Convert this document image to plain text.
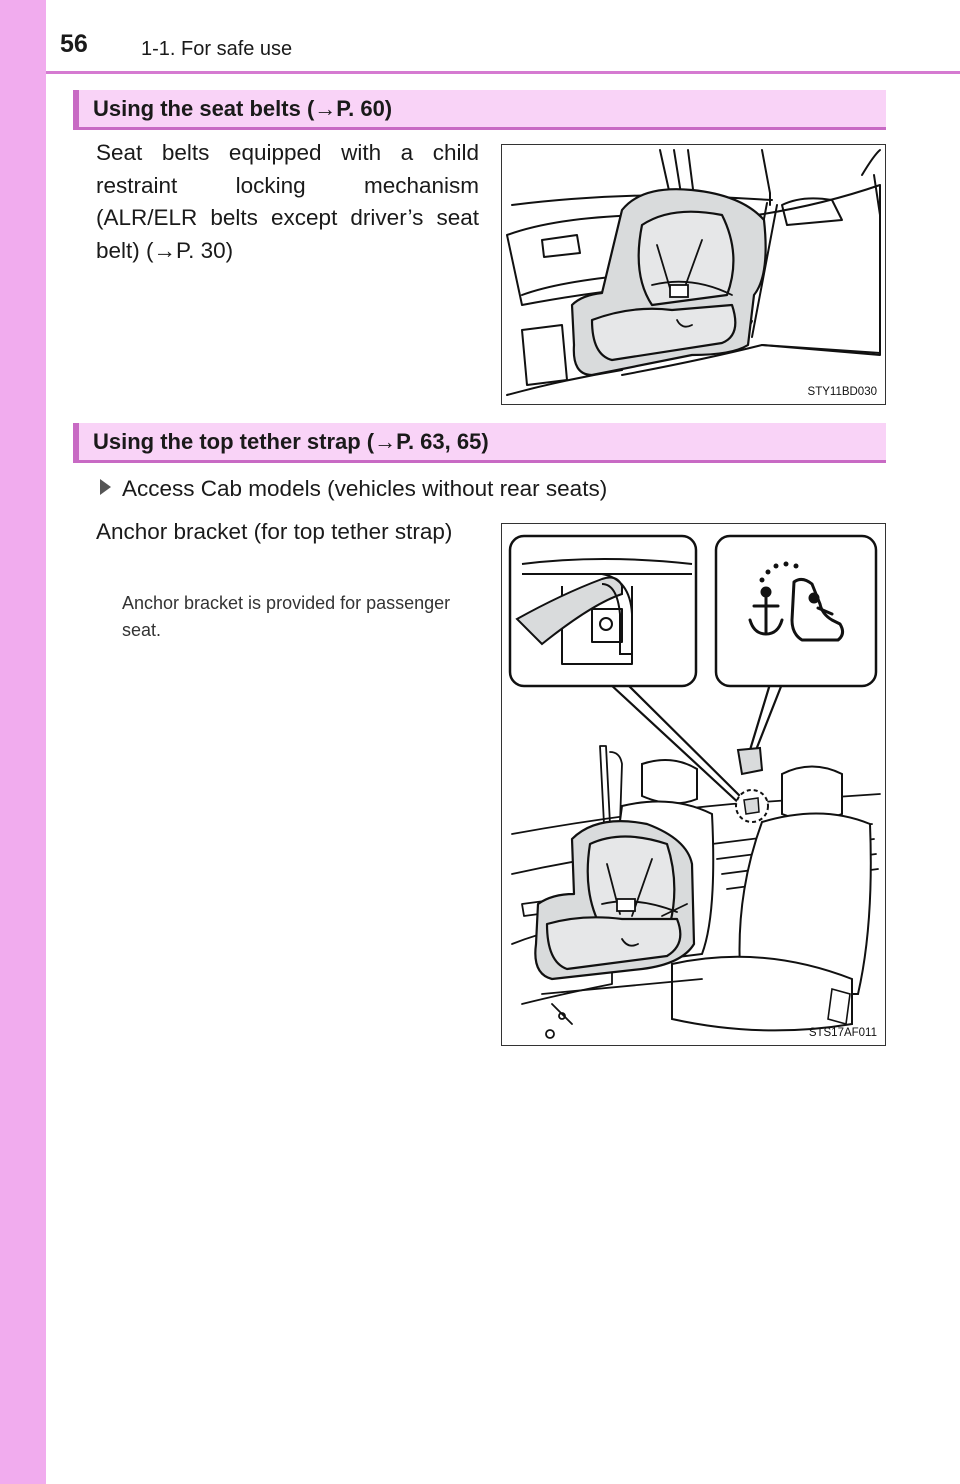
56	1-1. For safe use
Using the seat belts (→P. 60)
Seat belts equipped with a child restraint locking mechanism (ALR/ELR belts except driver’s seat belt) (→P. 30)
STY11BD030
Using the top tether strap (→P. 63, 65)
Access Cab models (vehicles without rear seats)
Anchor bracket (for top tether strap)
Anchor bracket is provided for passenger seat.
STS17AF011
